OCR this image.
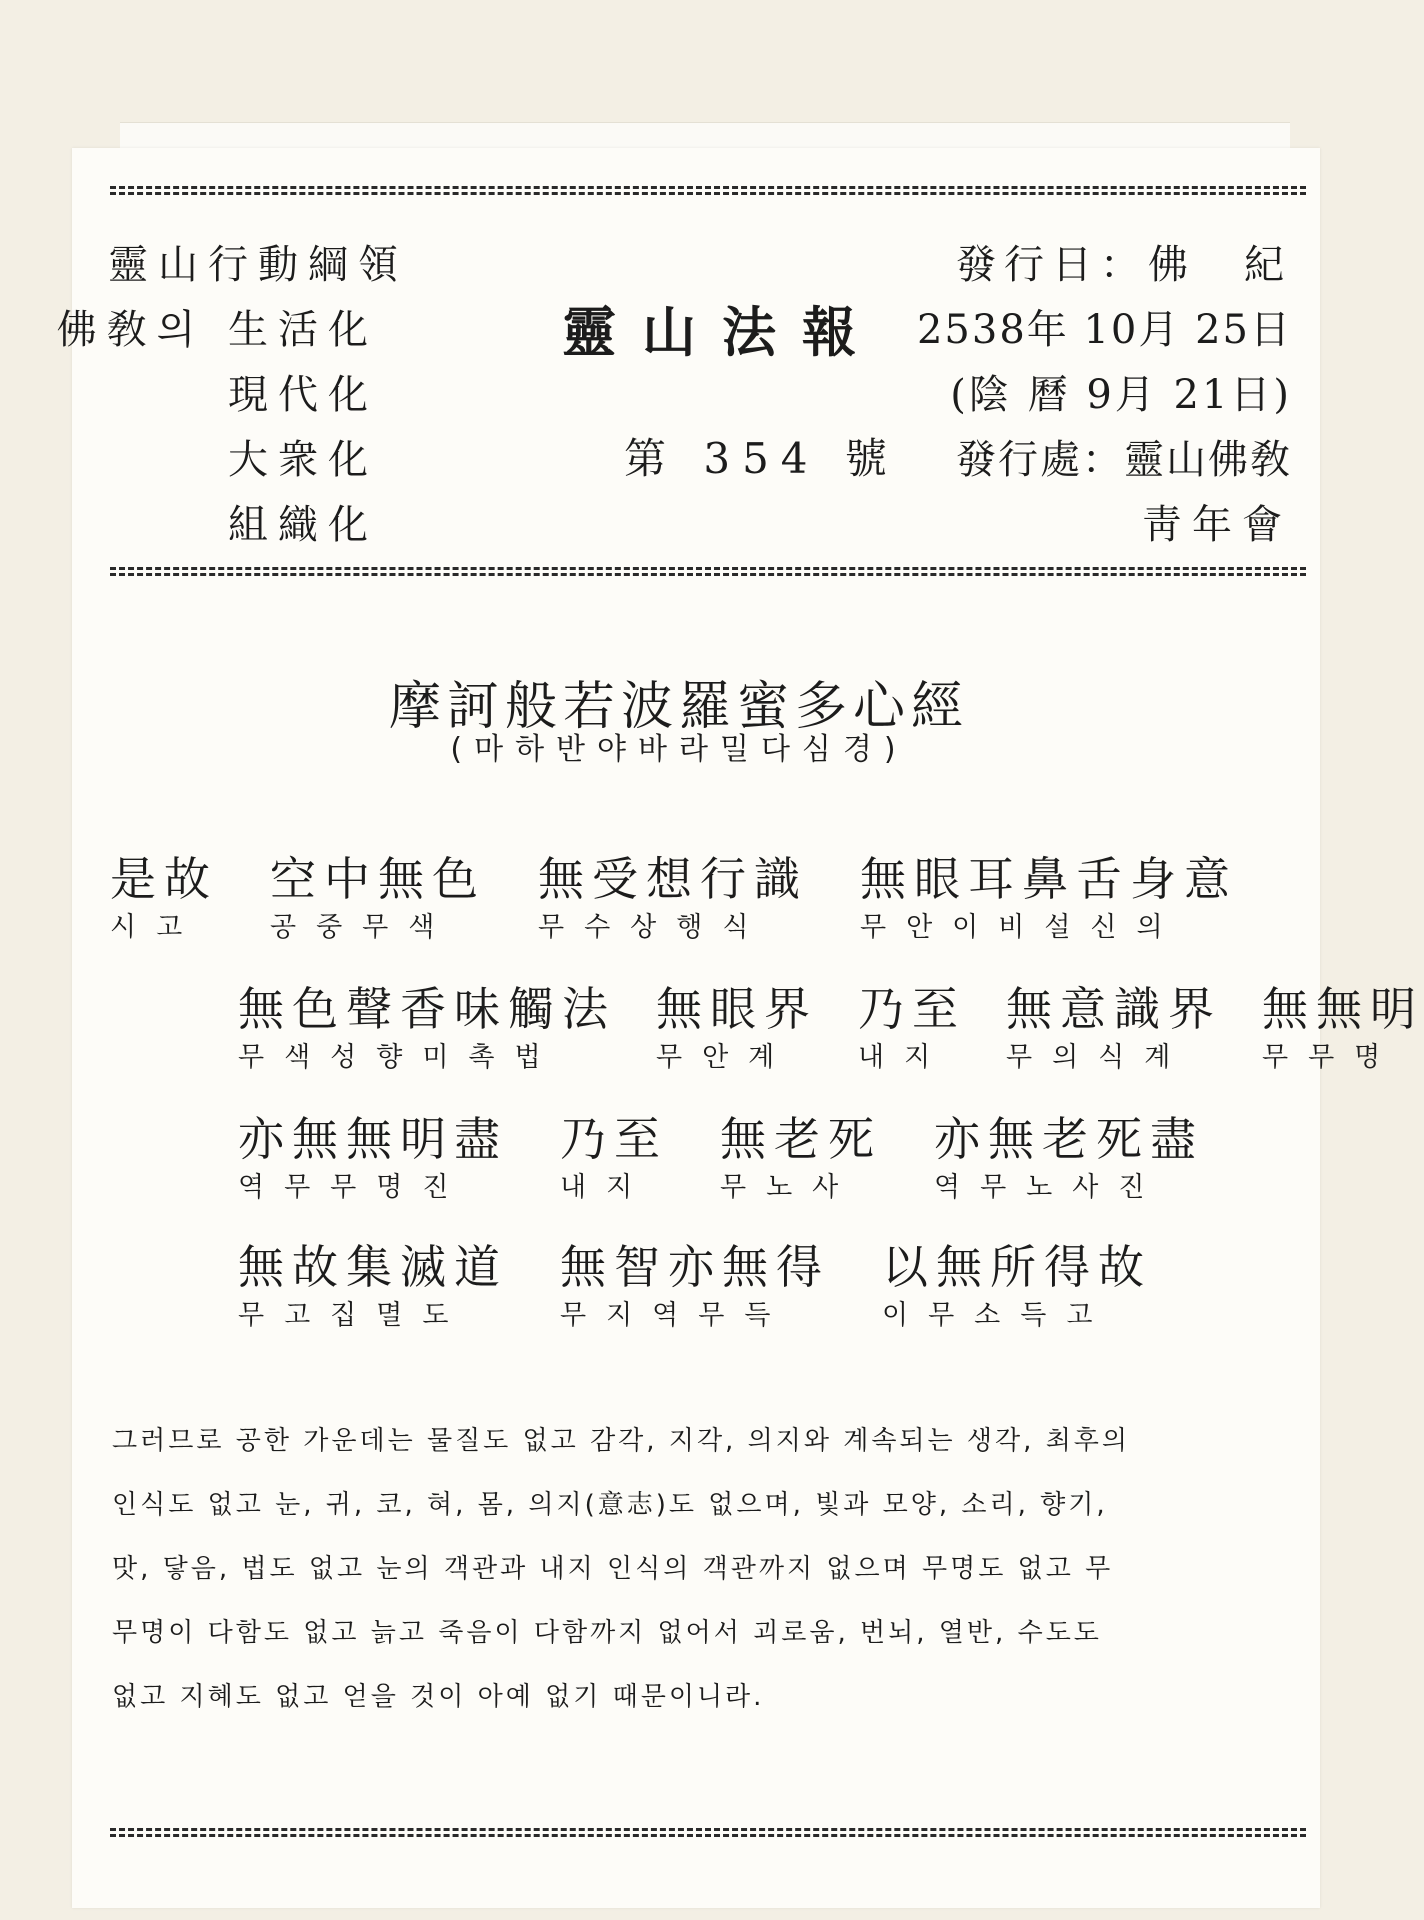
靈山行動綱領
佛敎의 生活化
現代化
大衆化
組織化
靈山法報
第 354 號
發行日：佛　紀
2538年 10月 25日
(陰 曆 9月 21日)
發行處：靈山佛敎
靑年會
摩訶般若波羅蜜多心經
(마하반야바라밀다심경)
是故
시고
空中無色
공중무색
無受想行識
무수상행식
無眼耳鼻舌身意
무안이비설신의
無色聲香味觸法
무색성향미촉법
無眼界
무안계
乃至
내지
無意識界
무의식계
無無明
무무명
亦無無明盡
역무무명진
乃至
내지
無老死
무노사
亦無老死盡
역무노사진
無故集滅道
무고집멸도
無智亦無得
무지역무득
以無所得故
이무소득고
그러므로 공한 가운데는 물질도 없고 감각, 지각, 의지와 계속되는 생각, 최후의
인식도 없고 눈, 귀, 코, 혀, 몸, 의지(意志)도 없으며, 빛과 모양, 소리, 향기,
맛, 닿음, 법도 없고 눈의 객관과 내지 인식의 객관까지 없으며 무명도 없고 무
무명이 다함도 없고 늙고 죽음이 다함까지 없어서 괴로움, 번뇌, 열반, 수도도
없고 지혜도 없고 얻을 것이 아예 없기 때문이니라.
